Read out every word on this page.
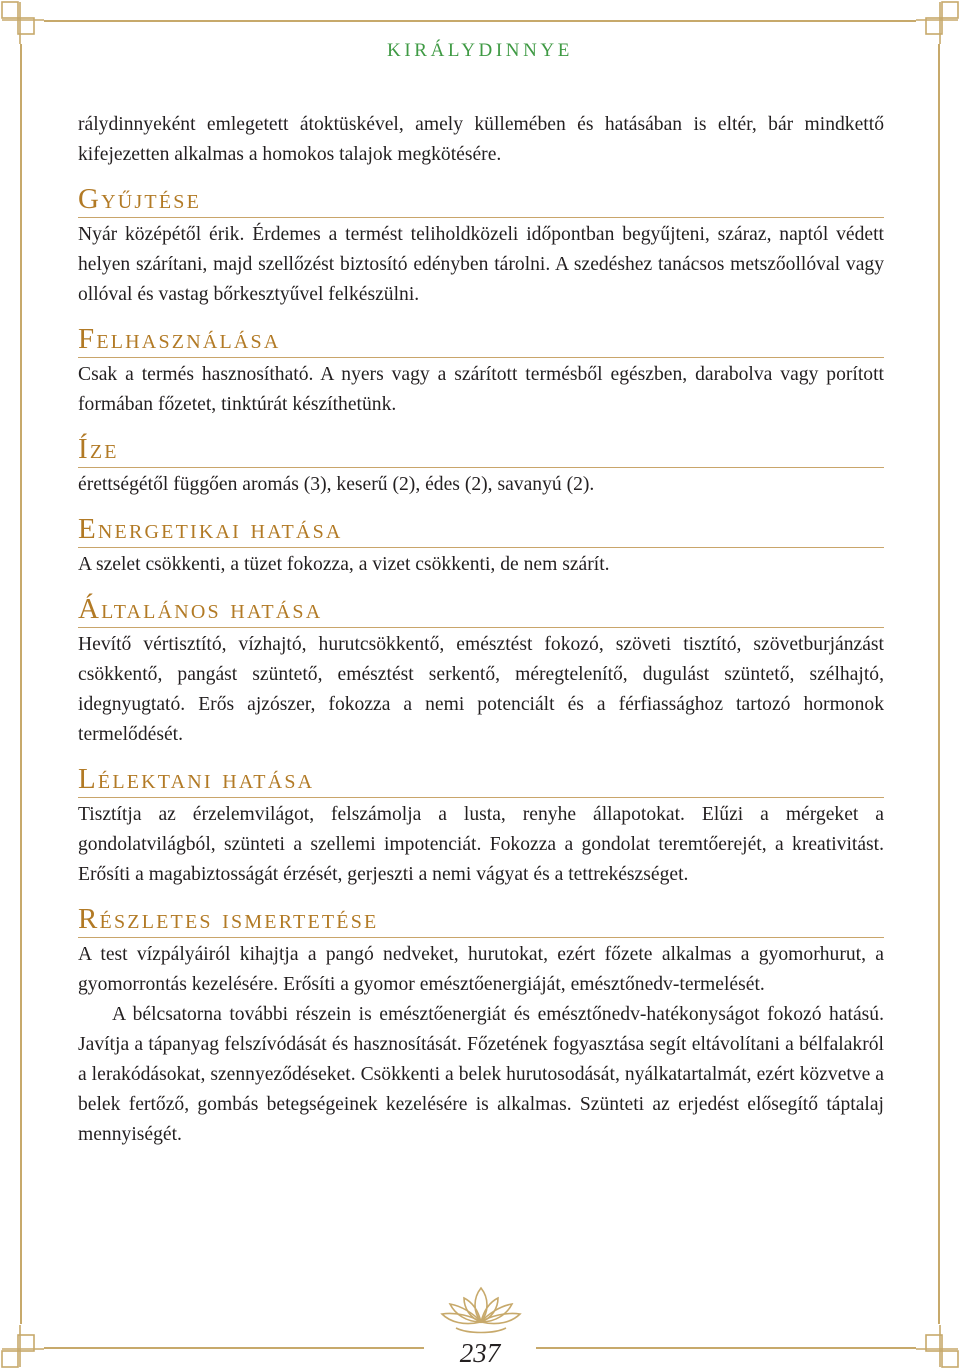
KIRÁLYDINNYE

rálydinnyeként emlegetett átoktüskével, amely küllemében és hatásában is eltér, bár mindkettő kifejezetten alkalmas a homokos talajok megkötésére.

Gyűjtése

Nyár középétől érik. Érdemes a termést teliholdközeli időpontban begyűjteni, száraz, naptól védett helyen szárítani, majd szellőzést biztosító edényben tárolni. A szedéshez tanácsos metszőollóval vagy ollóval és vastag bőrkesztyűvel felkészülni.

Felhasználása

Csak a termés hasznosítható. A nyers vagy a szárított termésből egészben, darabolva vagy porított formában főzetet, tinktúrát készíthetünk.

Íze

érettségétől függően aromás (3), keserű (2), édes (2), savanyú (2).

Energetikai hatása

A szelet csökkenti, a tüzet fokozza, a vizet csökkenti, de nem szárít.

Általános hatása

Hevítő vértisztító, vízhajtó, hurutcsökkentő, emésztést fokozó, szöveti tisztító, szövetburjánzást csökkentő, pangást szüntető, emésztést serkentő, méregtelenítő, dugulást szüntető, szélhajtó, idegnyugtató. Erős ajzószer, fokozza a nemi potenciált és a férfiassághoz tartozó hormonok termelődését.

Lélektani hatása

Tisztítja az érzelemvilágot, felszámolja a lusta, renyhe állapotokat. Elűzi a mérgeket a gondolatvilágból, szünteti a szellemi impotenciát. Fokozza a gondolat teremtőerejét, a kreativitást. Erősíti a magabiztosságát érzését, gerjeszti a nemi vágyat és a tettrekészséget.

Részletes ismertetése

A test vízpályáiról kihajtja a pangó nedveket, hurutokat, ezért főzete alkalmas a gyomorhurut, a gyomorrontás kezelésére. Erősíti a gyomor emésztőenergiáját, emésztőnedv-termelését.

A bélcsatorna további részein is emésztőenergiát és emésztőnedv-hatékonyságot fokozó hatású. Javítja a tápanyag felszívódását és hasznosítását. Főzetének fogyasztása segít eltávolítani a bélfalakról a lerakódásokat, szennyeződéseket. Csökkenti a belek hurutosodását, nyálkatartalmát, ezért közvetve a belek fertőző, gombás betegségeinek kezelésére is alkalmas. Szünteti az erjedést elősegítő táptalaj mennyiségét.

237
